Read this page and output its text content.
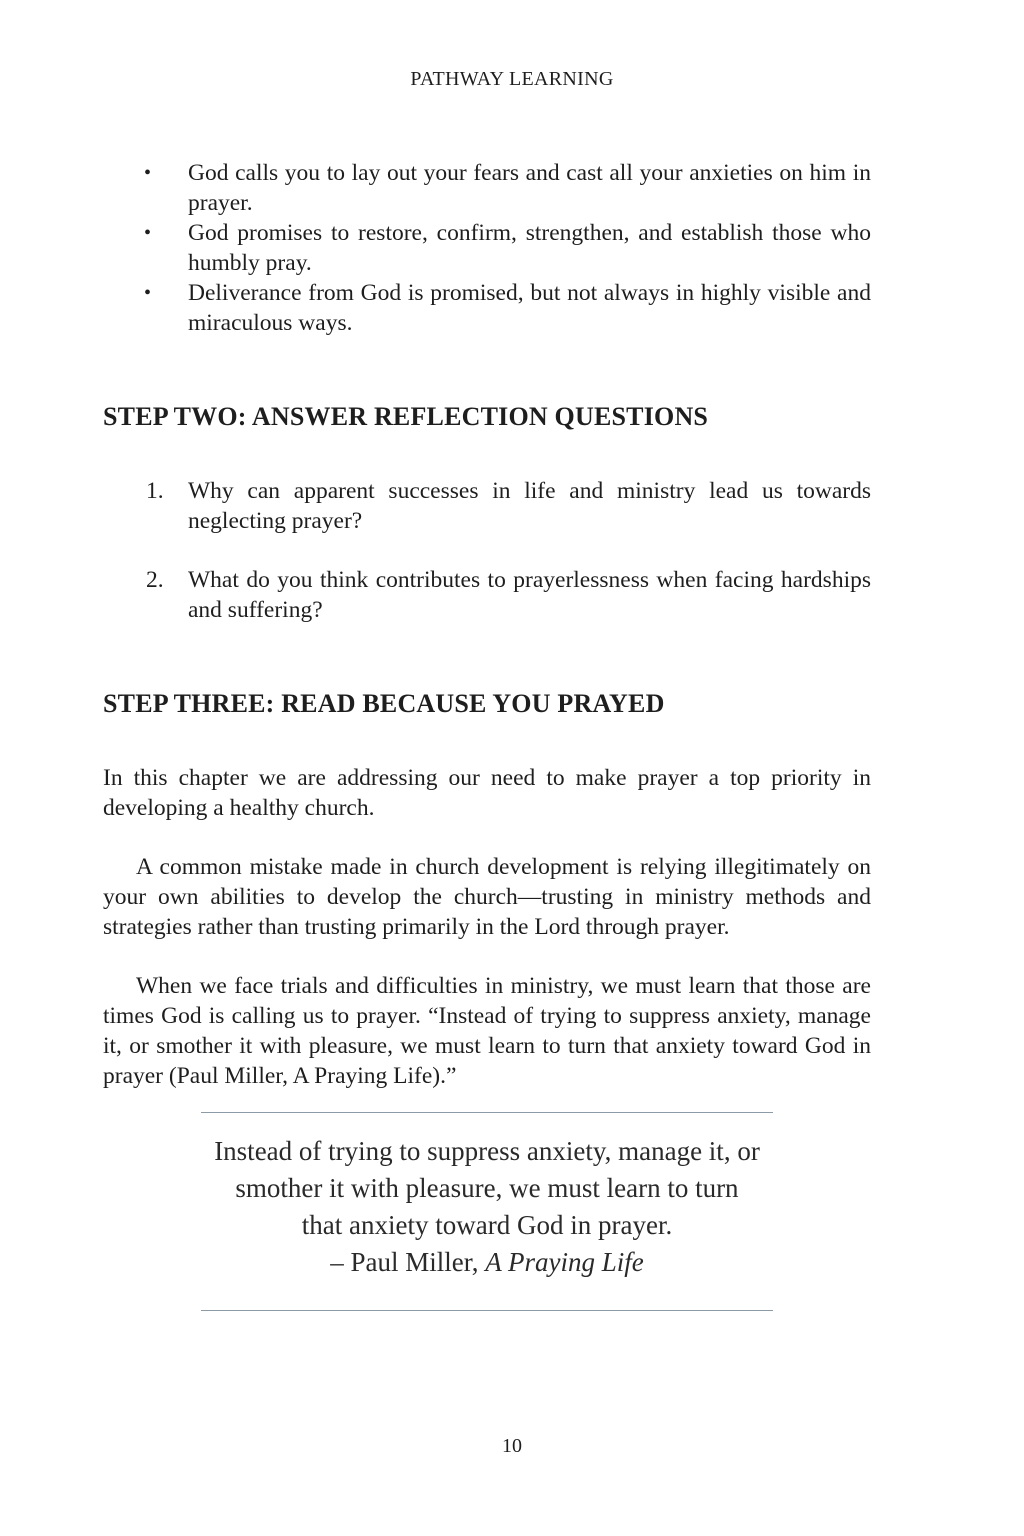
PATHWAY LEARNING
• God calls you to lay out your fears and cast all your anxieties on him in prayer.
• God promises to restore, confirm, strengthen, and establish those who humbly pray.
• Deliverance from God is promised, but not always in highly visible and miraculous ways.
STEP TWO: ANSWER REFLECTION QUESTIONS
1. Why can apparent successes in life and ministry lead us towards neglecting prayer?
2. What do you think contributes to prayerlessness when facing hardships and suffering?
STEP THREE: READ BECAUSE YOU PRAYED

In this chapter we are addressing our need to make prayer a top priority in developing a healthy church.

A common mistake made in church development is relying illegitimately on your own abilities to develop the church—trusting in ministry methods and strategies rather than trusting primarily in the Lord through prayer.

When we face trials and difficulties in ministry, we must learn that those are times God is calling us to prayer. “Instead of trying to suppress anxiety, manage it, or smother it with pleasure, we must learn to turn that anxiety toward God in prayer (Paul Miller, A Praying Life).”

Instead of trying to suppress anxiety, manage it, or
smother it with pleasure, we must learn to turn
that anxiety toward God in prayer.
– Paul Miller, A Praying Life
10
